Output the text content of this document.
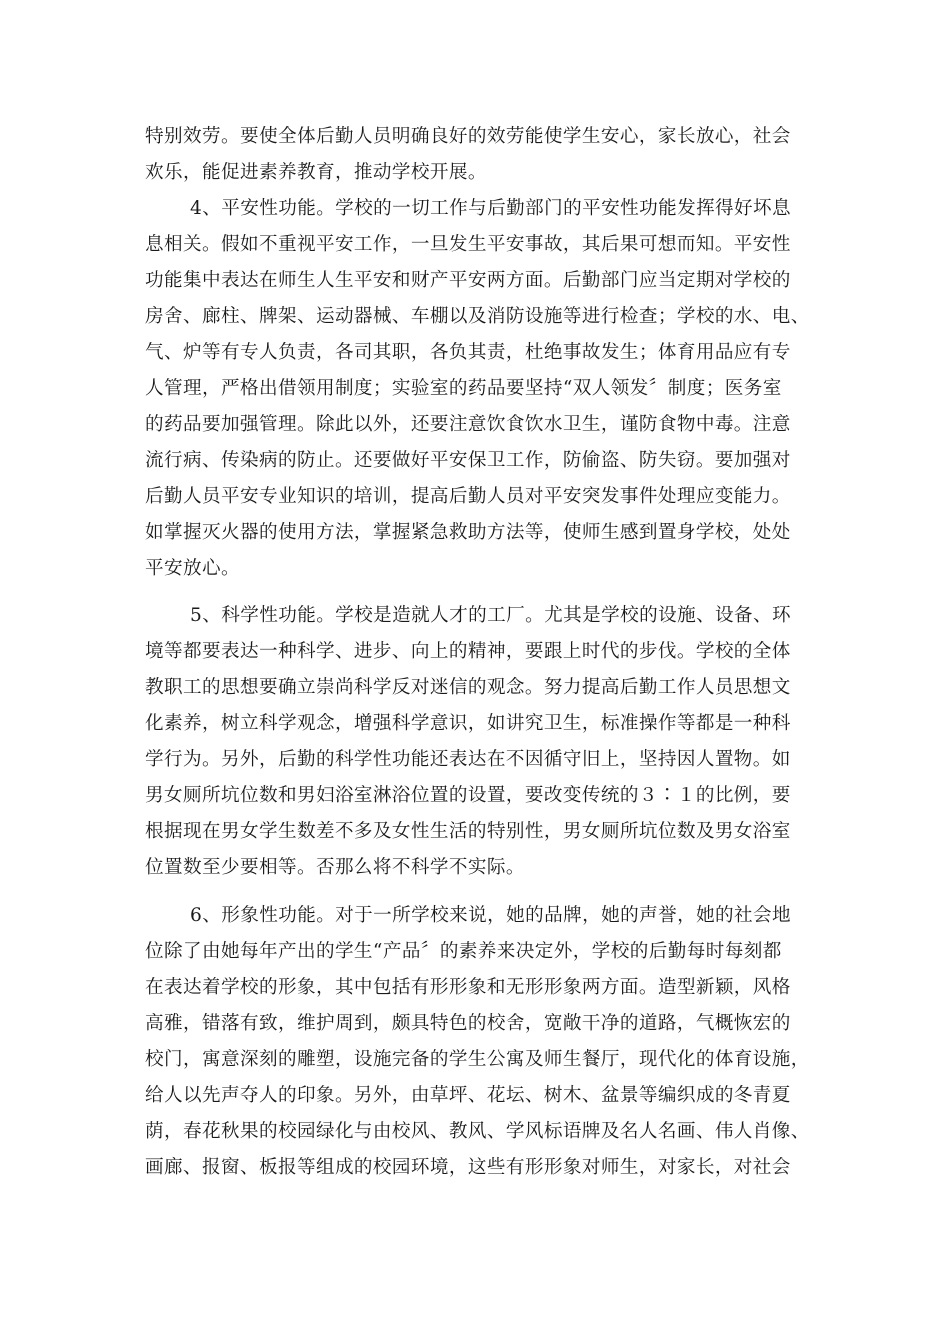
特别效劳。要使全体后勤人员明确良好的效劳能使学生安心，家长放心，社会
欢乐，能促进素养教育，推动学校开展。
4、平安性功能。学校的一切工作与后勤部门的平安性功能发挥得好坏息
息相关。假如不重视平安工作，一旦发生平安事故，其后果可想而知。平安性
功能集中表达在师生人生平安和财产平安两方面。后勤部门应当定期对学校的
房舍、廊柱、牌架、运动器械、车棚以及消防设施等进行检查；学校的水、电、
气、炉等有专人负责，各司其职，各负其责，杜绝事故发生；体育用品应有专
人管理，严格出借领用制度；实验室的药品要坚持“双人领发〞制度；医务室
的药品要加强管理。除此以外，还要注意饮食饮水卫生，谨防食物中毒。注意
流行病、传染病的防止。还要做好平安保卫工作，防偷盗、防失窃。要加强对
后勤人员平安专业知识的培训，提高后勤人员对平安突发事件处理应变能力。
如掌握灭火器的使用方法，掌握紧急救助方法等，使师生感到置身学校，处处
平安放心。
5、科学性功能。学校是造就人才的工厂。尤其是学校的设施、设备、环
境等都要表达一种科学、进步、向上的精神，要跟上时代的步伐。学校的全体
教职工的思想要确立崇尚科学反对迷信的观念。努力提高后勤工作人员思想文
化素养，树立科学观念，增强科学意识，如讲究卫生，标准操作等都是一种科
学行为。另外，后勤的科学性功能还表达在不因循守旧上，坚持因人置物。如
男女厕所坑位数和男妇浴室淋浴位置的设置，要改变传统的３∶１的比例，要
根据现在男女学生数差不多及女性生活的特别性，男女厕所坑位数及男女浴室
位置数至少要相等。否那么将不科学不实际。
6、形象性功能。对于一所学校来说，她的品牌，她的声誉，她的社会地
位除了由她每年产出的学生“产品〞的素养来决定外，学校的后勤每时每刻都
在表达着学校的形象，其中包括有形形象和无形形象两方面。造型新颖，风格
高雅，错落有致，维护周到，颇具特色的校舍，宽敞干净的道路，气概恢宏的
校门，寓意深刻的雕塑，设施完备的学生公寓及师生餐厅，现代化的体育设施，
给人以先声夺人的印象。另外，由草坪、花坛、树木、盆景等编织成的冬青夏
荫，春花秋果的校园绿化与由校风、教风、学风标语牌及名人名画、伟人肖像、
画廊、报窗、板报等组成的校园环境，这些有形形象对师生，对家长，对社会
